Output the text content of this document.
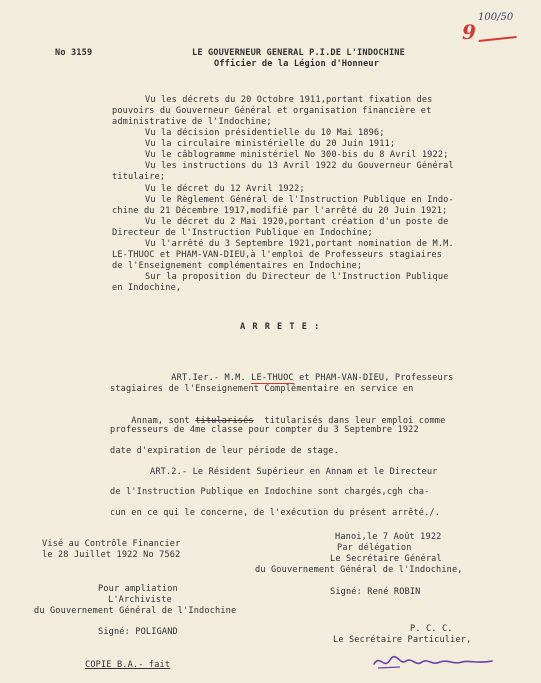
100/50
9
No 3159	LE GOUVERNEUR GENERAL P.I.DE L'INDOCHINE
Officier de la Légion d'Honneur
Vu les décrets du 20 Octobre 1911,portant fixation des
pouvoirs du Gouverneur Général et organisation financière et
administrative de l'Indochine;
Vu la décision présidentielle du 10 Mai 1896;
Vu la circulaire ministérielle du 20 Juin 1911;
Vu le câblogramme ministériel No 300-bis du 8 Avril 1922;
Vu les instructions du 13 Avril 1922 du Gouverneur Général
titulaire;
Vu le décret du 12 Avril 1922;
Vu le Règlement Général de l'Instruction Publique en Indo-
chine du 21 Décembre 1917,modifié par l'arrêté du 20 Juin 1921;
Vu le décret du 2 Mai 1920,portant création d'un poste de
Directeur de l'Instruction Publique en Indochine;
Vu l'arrêté du 3 Septembre 1921,portant nomination de M.M.
LE-THUOC et PHAM-VAN-DIEU,à l'emploi de Professeurs stagiaires
de l'Enseignement complémentaires en Indochine;
Sur la proposition du Directeur de l'Instruction Publique
en Indochine,
A R R E T E :

ART.Ier.- M.M. LE-THUOC et PHAM-VAN-DIEU, Professeurs

stagiaires de l'Enseignement Complémentaire en service en

Annam, sont titularisés  titularisés dans leur emploi comme

professeurs de 4me classe pour compter du 3 Septembre 1922
date d'expiration de leur période de stage.
ART.2.- Le Résident Supérieur en Annam et le Directeur
de l'Instruction Publique en Indochine sont chargés,cgh cha-
cun en ce qui le concerne, de l'exécution du présent arrêté./.
Hanoi,le 7 Août 1922
Par délégation
Le Secrétaire Général
du Gouvernement Général de l'Indochine,
Visé au Contrôle Financier
le 28 Juillet 1922 No 7562
Signé: René ROBIN
Pour ampliation
L'Archiviste
du Gouvernement Général de l'Indochine
Signé: POLIGAND	P. C. C.
Le Secrétaire Particulier,
COPIE B.A.- fait
